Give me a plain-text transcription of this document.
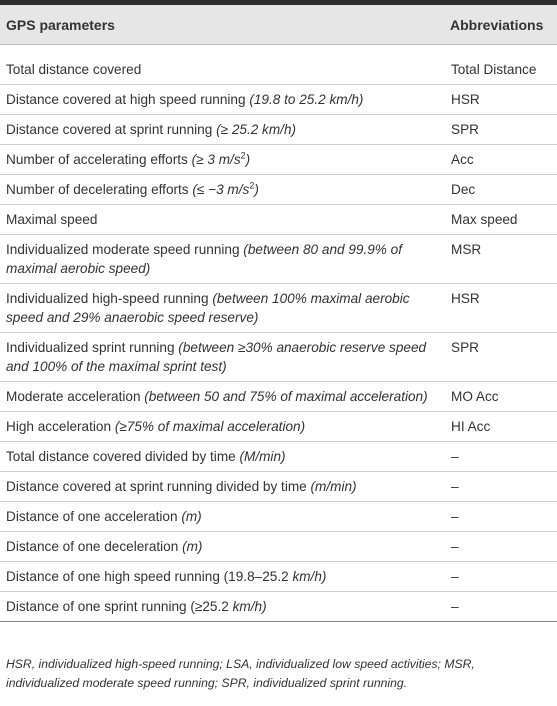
GPS parameters	Abbreviations
Total distance covered	Total Distance
Distance covered at high speed running (19.8 to 25.2 km/h)	HSR
Distance covered at sprint running (≥ 25.2 km/h)	SPR
Number of accelerating efforts (≥ 3 $m/s^2$)	Acc
Number of decelerating efforts (≤ −3 $m/s^2$)	Dec
Maximal speed	Max speed
Individualized moderate speed running (between 80 and 99.9% of maximal aerobic speed)	MSR
Individualized high-speed running (between 100% maximal aerobic speed and 29% anaerobic speed reserve)	HSR
Individualized sprint running (between ≥30% anaerobic reserve speed and 100% of the maximal sprint test)	SPR
Moderate acceleration (between 50 and 75% of maximal acceleration)	MO Acc
High acceleration (≥75% of maximal acceleration)	HI Acc
Total distance covered divided by time (M/min)	–
Distance covered at sprint running divided by time (m/min)	–
Distance of one acceleration (m)	–
Distance of one deceleration (m)	–
Distance of one high speed running (19.8–25.2 km/h)	–
Distance of one sprint running (≥25.2 km/h)	–
HSR, individualized high-speed running; LSA, individualized low speed activities; MSR, individualized moderate speed running; SPR, individualized sprint running.
